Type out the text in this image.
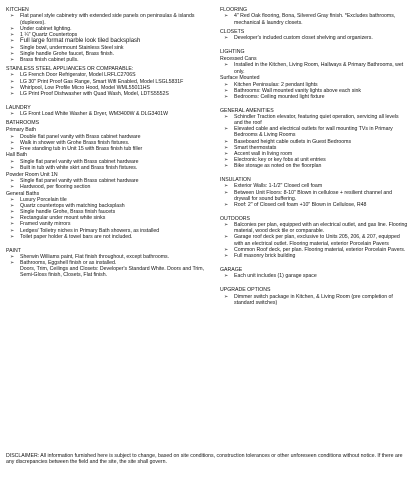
KITCHEN
➢ Flat panel style cabinetry with extended side panels on peninsulas & islands (duplexes).
➢ Under cabinet lighting.
➢ 1 ¼" Quartz Countertops
➢ Full large format marble look tiled backsplash
➢ Single bowl, undermount Stainless Steel sink
➢ Single handle Grohe faucet, Brass finish.
➢ Brass finish cabinet pulls.
STAINLESS STEEL APPLIANCES OR COMPARABLE:
➢ LG French Door Refrigerator, Model LRFLC2706S
➢ LG 30" Print Proof Gas Range, Smart Wifi Enabled, Model LSGL5831F
➢ Whirlpool, Low Profile Micro Hood, Model WML55011HS
➢ LG Print Proof Dishwasher with Quad Wash, Model, LDTS5552S
LAUNDRY
➢ LG Front Load White Washer & Dryer, WM3400W & DLG3401W
BATHROOMS
Primary Bath
➢ Double flat panel vanity with Brass cabinet hardware
➢ Walk in shower with Grohe Brass finish fixtures.
➢ Free standing tub in Unit 15 with Brass finish tub filler
Hall Bath
➢ Single flat panel vanity with Brass cabinet hardware
➢ Built in tub with white skirt and Brass finish fixtures.
Powder Room Unit 1N
➢ Single flat panel vanity with Brass cabinet hardware
➢ Hardwood, per flooring section
General Baths
➢ Luxury Porcelain tile
➢ Quartz countertops with matching backsplash
➢ Single handle Grohe, Brass finish faucets
➢ Rectangular under mount white sinks
➢ Framed vanity mirrors
➢ Ledges/ Toiletry niches in Primary Bath showers, as installed
➢ Toilet paper holder & towel bars are not included.
PAINT
➢ Sherwin Williams paint, Flat finish throughout, except bathrooms.
➢ Bathrooms, Eggshell finish or as installed.
Doors, Trim, Ceilings and Closets: Developer's Standard White. Doors and Trim, Semi-Gloss finish, Closets, Flat finish.
FLOORING
➢ 4" Red Oak flooring, Bona, Silvered Gray finish. *Excludes bathrooms, mechanical & laundry closets.
CLOSETS
➢ Developer's included custom closet shelving and organizers.
LIGHTING
Recessed Cans
➢ Installed in the Kitchen, Living Room, Hallways & Primary Bathrooms, wet only.
Surface Mounted
➢ Kitchen Peninsulas: 2 pendant lights
➢ Bathrooms: Wall mounted vanity lights above each sink
➢ Bedrooms: Ceiling mounted light fixture
GENERAL AMENITIES
➢ Schindler Traction elevator, featuring quiet operation, servicing all levels and the roof
➢ Elevated cable and electrical outlets for wall mounting TVs in Primary Bedrooms & Living Rooms
➢ Baseboard height cable outlets in Guest Bedrooms
➢ Smart thermostats
➢ Accent wall in living room
➢ Electronic key or key fobs at unit entries
➢ Bike storage as noted on the floorplan
INSULATION
➢ Exterior Walls: 1-1/2" Closed cell foam
➢ Between Unit Floors: 8-10" Blown in cellulose + resilient channel and drywall for sound buffering.
➢ Roof: 2" of Closed cell foam +10" Blown in Cellulose, R48
OUTDOORS
➢ Balconies per plan, equipped with an electrical outlet, and gas line. Flooring material, wood deck tile or comparable.
➢ Garage roof deck per plan, exclusive to Units 205, 206, & 207, equipped with an electrical outlet. Flooring material, exterior Porcelain Pavers
➢ Common Roof deck, per plan. Flooring material, exterior Porcelain Pavers.
➢ Full masonry brick building
GARAGE
➢ Each unit includes (1) garage space
UPGRADE OPTIONS
➢ Dimmer switch package in Kitchen, & Living Room (pre completion of standard switches)
DISCLAIMER: All information furnished here is subject to change, based on site conditions, construction tolerances or other unforeseen conditions without notice. If there are any discrepancies between the field and the site, the site shall govern.
